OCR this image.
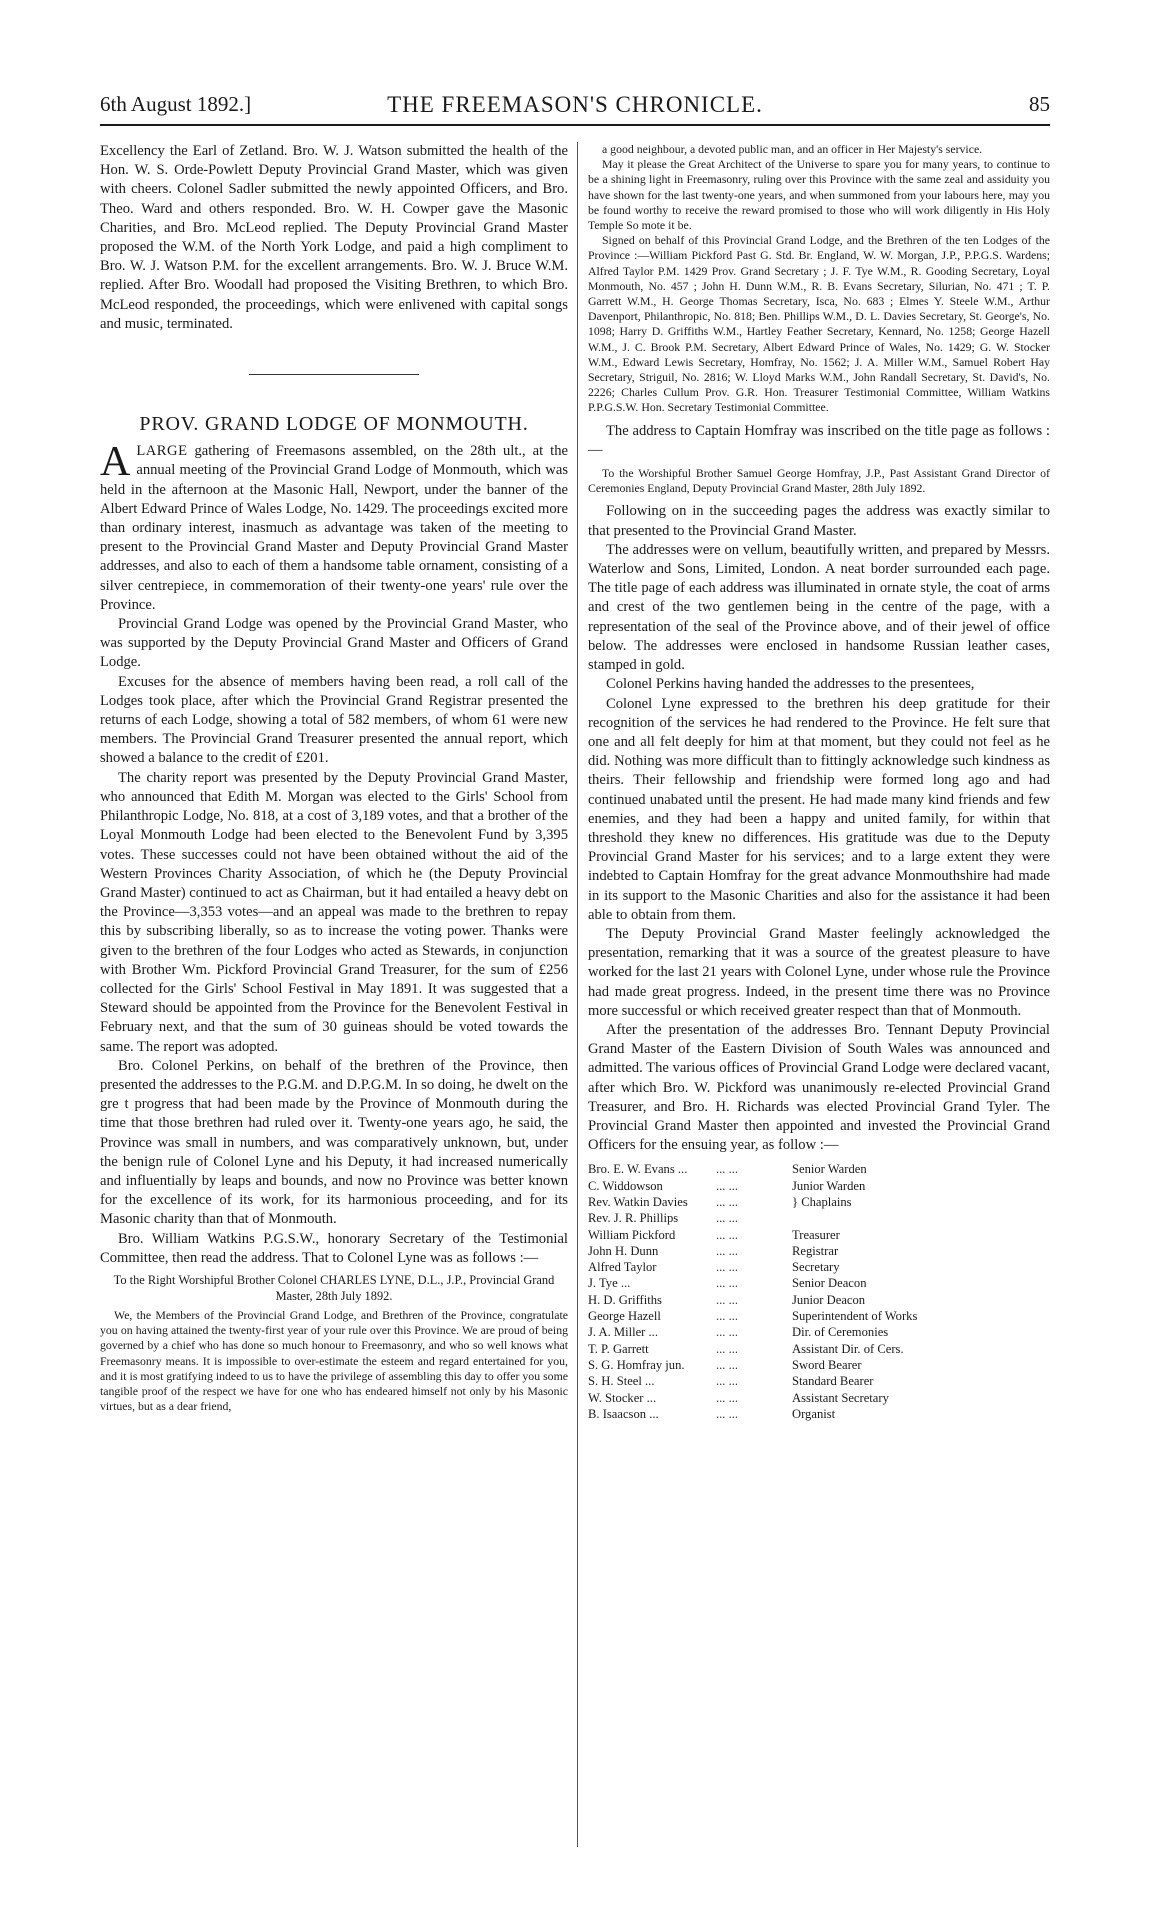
6th August 1892.]	THE FREEMASON'S CHRONICLE.	85

Excellency the Earl of Zetland. Bro. W. J. Watson submitted the health of the Hon. W. S. Orde-Powlett Deputy Provincial Grand Master, which was given with cheers. Colonel Sadler submitted the newly appointed Officers, and Bro. Theo. Ward and others responded. Bro. W. H. Cowper gave the Masonic Charities, and Bro. McLeod replied. The Deputy Provincial Grand Master proposed the W.M. of the North York Lodge, and paid a high compliment to Bro. W. J. Watson P.M. for the excellent arrangements. Bro. W. J. Bruce W.M. replied. After Bro. Woodall had proposed the Visiting Brethren, to which Bro. McLeod responded, the proceedings, which were enlivened with capital songs and music, terminated.

PROV. GRAND LODGE OF MONMOUTH.

ALARGE gathering of Freemasons assembled, on the 28th ult., at the annual meeting of the Provincial Grand Lodge of Monmouth, which was held in the afternoon at the Masonic Hall, Newport, under the banner of the Albert Edward Prince of Wales Lodge, No. 1429. The proceedings excited more than ordinary interest, inasmuch as advantage was taken of the meeting to present to the Provincial Grand Master and Deputy Provincial Grand Master addresses, and also to each of them a handsome table ornament, consisting of a silver centrepiece, in commemoration of their twenty-one years' rule over the Province.

Provincial Grand Lodge was opened by the Provincial Grand Master, who was supported by the Deputy Provincial Grand Master and Officers of Grand Lodge.

Excuses for the absence of members having been read, a roll call of the Lodges took place, after which the Provincial Grand Registrar presented the returns of each Lodge, showing a total of 582 members, of whom 61 were new members. The Provincial Grand Treasurer presented the annual report, which showed a balance to the credit of £201.

The charity report was presented by the Deputy Provincial Grand Master, who announced that Edith M. Morgan was elected to the Girls' School from Philanthropic Lodge, No. 818, at a cost of 3,189 votes, and that a brother of the Loyal Monmouth Lodge had been elected to the Benevolent Fund by 3,395 votes. These successes could not have been obtained without the aid of the Western Provinces Charity Association, of which he (the Deputy Provincial Grand Master) continued to act as Chairman, but it had entailed a heavy debt on the Province—3,353 votes—and an appeal was made to the brethren to repay this by subscribing liberally, so as to increase the voting power. Thanks were given to the brethren of the four Lodges who acted as Stewards, in conjunction with Brother Wm. Pickford Provincial Grand Treasurer, for the sum of £256 collected for the Girls' School Festival in May 1891. It was suggested that a Steward should be appointed from the Province for the Benevolent Festival in February next, and that the sum of 30 guineas should be voted towards the same. The report was adopted.

Bro. Colonel Perkins, on behalf of the brethren of the Province, then presented the addresses to the P.G.M. and D.P.G.M. In so doing, he dwelt on the gre t progress that had been made by the Province of Monmouth during the time that those brethren had ruled over it. Twenty-one years ago, he said, the Province was small in numbers, and was comparatively unknown, but, under the benign rule of Colonel Lyne and his Deputy, it had increased numerically and influentially by leaps and bounds, and now no Province was better known for the excellence of its work, for its harmonious proceeding, and for its Masonic charity than that of Monmouth.

Bro. William Watkins P.G.S.W., honorary Secretary of the Testimonial Committee, then read the address. That to Colonel Lyne was as follows :—

To the Right Worshipful Brother Colonel CHARLES LYNE, D.L., J.P., Provincial Grand Master, 28th July 1892.

We, the Members of the Provincial Grand Lodge, and Brethren of the Province, congratulate you on having attained the twenty-first year of your rule over this Province. We are proud of being governed by a chief who has done so much honour to Freemasonry, and who so well knows what Freemasonry means. It is impossible to over-estimate the esteem and regard entertained for you, and it is most gratifying indeed to us to have the privilege of assembling this day to offer you some tangible proof of the respect we have for one who has endeared himself not only by his Masonic virtues, but as a dear friend,

a good neighbour, a devoted public man, and an officer in Her Majesty's service.

May it please the Great Architect of the Universe to spare you for many years, to continue to be a shining light in Freemasonry, ruling over this Province with the same zeal and assiduity you have shown for the last twenty-one years, and when summoned from your labours here, may you be found worthy to receive the reward promised to those who will work diligently in His Holy Temple So mote it be.

Signed on behalf of this Provincial Grand Lodge, and the Brethren of the ten Lodges of the Province :—William Pickford Past G. Std. Br. England, W. W. Morgan, J.P., P.P.G.S. Wardens; Alfred Taylor P.M. 1429 Prov. Grand Secretary ; J. F. Tye W.M., R. Gooding Secretary, Loyal Monmouth, No. 457 ; John H. Dunn W.M., R. B. Evans Secretary, Silurian, No. 471 ; T. P. Garrett W.M., H. George Thomas Secretary, Isca, No. 683 ; Elmes Y. Steele W.M., Arthur Davenport, Philanthropic, No. 818; Ben. Phillips W.M., D. L. Davies Secretary, St. George's, No. 1098; Harry D. Griffiths W.M., Hartley Feather Secretary, Kennard, No. 1258; George Hazell W.M., J. C. Brook P.M. Secretary, Albert Edward Prince of Wales, No. 1429; G. W. Stocker W.M., Edward Lewis Secretary, Homfray, No. 1562; J. A. Miller W.M., Samuel Robert Hay Secretary, Striguil, No. 2816; W. Lloyd Marks W.M., John Randall Secretary, St. David's, No. 2226; Charles Cullum Prov. G.R. Hon. Treasurer Testimonial Committee, William Watkins P.P.G.S.W. Hon. Secretary Testimonial Committee.

The address to Captain Homfray was inscribed on the title page as follows :—

To the Worshipful Brother Samuel George Homfray, J.P., Past Assistant Grand Director of Ceremonies England, Deputy Provincial Grand Master, 28th July 1892.

Following on in the succeeding pages the address was exactly similar to that presented to the Provincial Grand Master.

The addresses were on vellum, beautifully written, and prepared by Messrs. Waterlow and Sons, Limited, London. A neat border surrounded each page. The title page of each address was illuminated in ornate style, the coat of arms and crest of the two gentlemen being in the centre of the page, with a representation of the seal of the Province above, and of their jewel of office below. The addresses were enclosed in handsome Russian leather cases, stamped in gold.

Colonel Perkins having handed the addresses to the presentees,

Colonel Lyne expressed to the brethren his deep gratitude for their recognition of the services he had rendered to the Province. He felt sure that one and all felt deeply for him at that moment, but they could not feel as he did. Nothing was more difficult than to fittingly acknowledge such kindness as theirs. Their fellowship and friendship were formed long ago and had continued unabated until the present. He had made many kind friends and few enemies, and they had been a happy and united family, for within that threshold they knew no differences. His gratitude was due to the Deputy Provincial Grand Master for his services; and to a large extent they were indebted to Captain Homfray for the great advance Monmouthshire had made in its support to the Masonic Charities and also for the assistance it had been able to obtain from them.

The Deputy Provincial Grand Master feelingly acknowledged the presentation, remarking that it was a source of the greatest pleasure to have worked for the last 21 years with Colonel Lyne, under whose rule the Province had made great progress. Indeed, in the present time there was no Province more successful or which received greater respect than that of Monmouth.

After the presentation of the addresses Bro. Tennant Deputy Provincial Grand Master of the Eastern Division of South Wales was announced and admitted. The various offices of Provincial Grand Lodge were declared vacant, after which Bro. W. Pickford was unanimously re-elected Provincial Grand Treasurer, and Bro. H. Richards was elected Provincial Grand Tyler. The Provincial Grand Master then appointed and invested the Provincial Grand Officers for the ensuing year, as follow :—

Bro. E. W. Evans ...	... ...	Senior Warden
C. Widdowson	... ...	Junior Warden
Rev. Watkin Davies	... ...	} Chaplains
Rev. J. R. Phillips	... ...
William Pickford	... ...	Treasurer
John H. Dunn	... ...	Registrar
Alfred Taylor	... ...	Secretary
J. Tye ...	... ...	Senior Deacon
H. D. Griffiths	... ...	Junior Deacon
George Hazell	... ...	Superintendent of Works
J. A. Miller ...	... ...	Dir. of Ceremonies
T. P. Garrett	... ...	Assistant Dir. of Cers.
S. G. Homfray jun.	... ...	Sword Bearer
S. H. Steel ...	... ...	Standard Bearer
W. Stocker ...	... ...	Assistant Secretary
B. Isaacson ...	... ...	Organist
